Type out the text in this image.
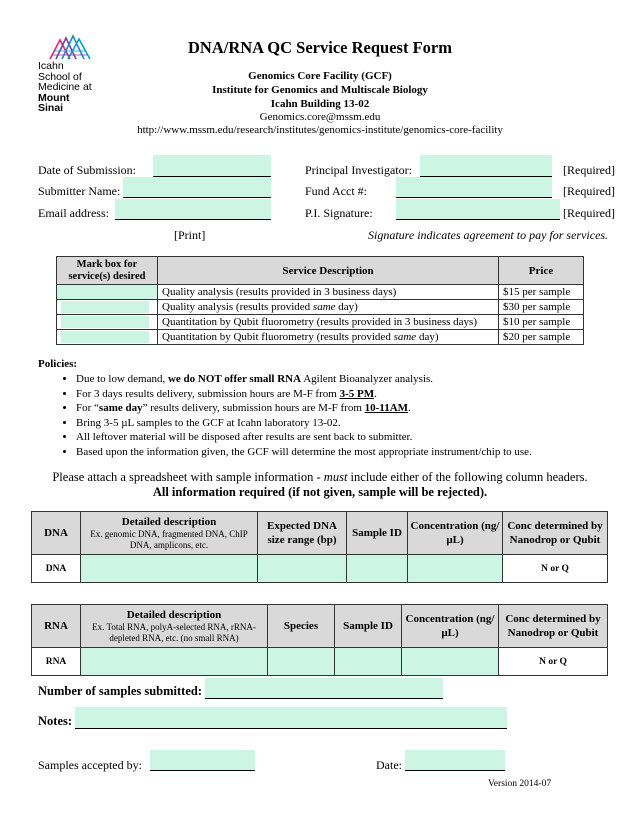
Icahn
School of
Medicine at
Mount
Sinai
DNA/RNA QC Service Request Form
Genomics Core Facility (GCF)
Institute for Genomics and Multiscale Biology
Icahn Building 13-02
Genomics.core@mssm.edu
http://www.mssm.edu/research/institutes/genomics-institute/genomics-core-facility
Date of Submission:	Principal Investigator:	[Required]
Submitter Name:	Fund Acct #:	[Required]
Email address:	P.I. Signature:	[Required]
[Print]	Signature indicates agreement to pay for services.
Mark box for service(s) desired	Service Description	Price
	Quality analysis (results provided in 3 business days)	$15 per sample

	Quality analysis (results provided same day)	$30 per sample

	Quantitation by Qubit fluorometry (results provided in 3 business days)	$10 per sample

	Quantitation by Qubit fluorometry (results provided same day)	$20 per sample
Policies:
• Due to low demand, we do NOT offer small RNA Agilent Bioanalyzer analysis.
• For 3 days results delivery, submission hours are M-F from 3-5 PM.
• For “same day” results delivery, submission hours are M-F from 10-11AM.
• Bring 3-5 µL samples to the GCF at Icahn laboratory 13-02.
• All leftover material will be disposed after results are sent back to submitter.
• Based upon the information given, the GCF will determine the most appropriate instrument/chip to use.
Please attach a spreadsheet with sample information - must include either of the following column headers.
All information required (if not given, sample will be rejected).
DNA	Detailed description
Ex. genomic DNA, fragmented DNA, ChIP DNA, amplicons, etc.	Expected DNA size range (bp)	Sample ID	Concentration (ng/µL)	Conc determined by Nanodrop or Qubit
DNA					N or Q
RNA	Detailed description
Ex. Total RNA, polyA-selected RNA, rRNA-depleted RNA, etc. (no small RNA)	Species	Sample ID	Concentration (ng/µL)	Conc determined by Nanodrop or Qubit
RNA					N or Q
Number of samples submitted:
Notes:
Samples accepted by:	Date:
Version 2014-07
